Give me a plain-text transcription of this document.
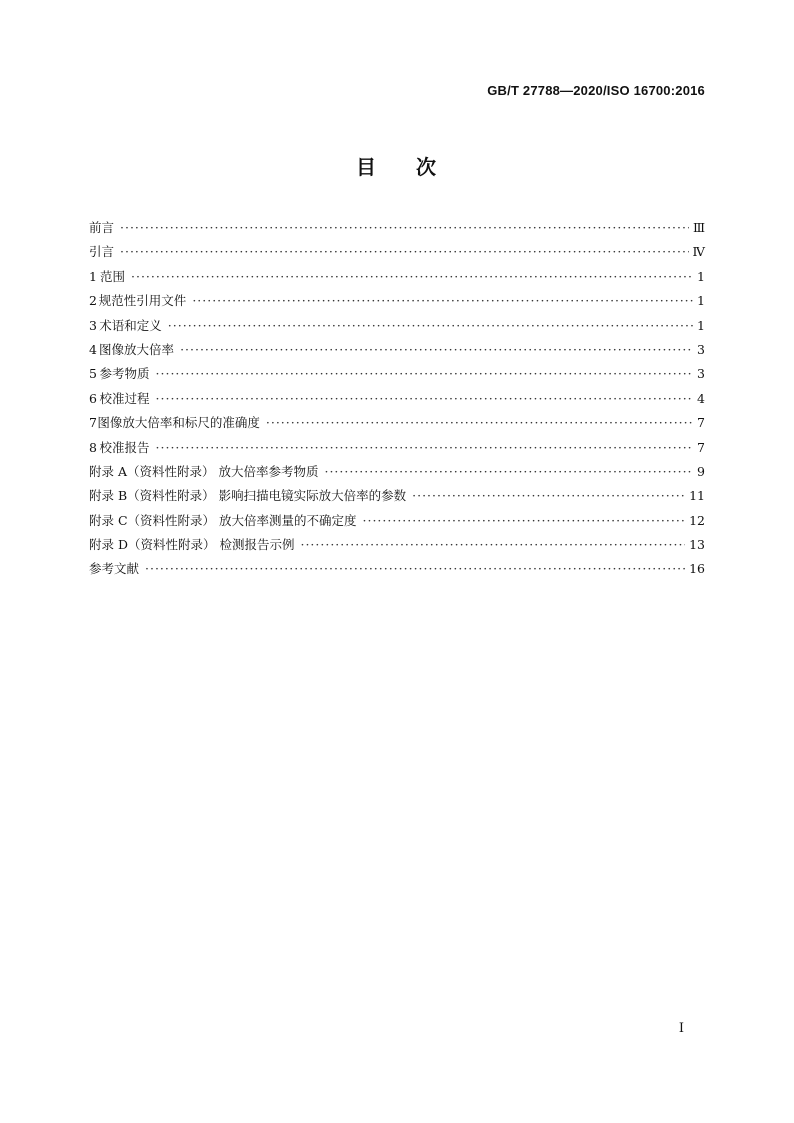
GB/T 27788—2020/ISO 16700:2016
目 次
前言 ·····	Ⅲ
引言 ·····	Ⅳ
1 范围 ·····	1
2 规范性引用文件 ·····	1
3 术语和定义 ·····	1
4 图像放大倍率 ·····	3
5 参考物质 ·····	3
6 校准过程 ·····	4
7 图像放大倍率和标尺的准确度 ·····	7
8 校准报告 ·····	7
附录 A（资料性附录） 放大倍率参考物质 ·····	9
附录 B（资料性附录） 影响扫描电镜实际放大倍率的参数 ·····	11
附录 C（资料性附录） 放大倍率测量的不确定度 ·····	12
附录 D（资料性附录） 检测报告示例 ·····	13
参考文献 ·····	16
I
